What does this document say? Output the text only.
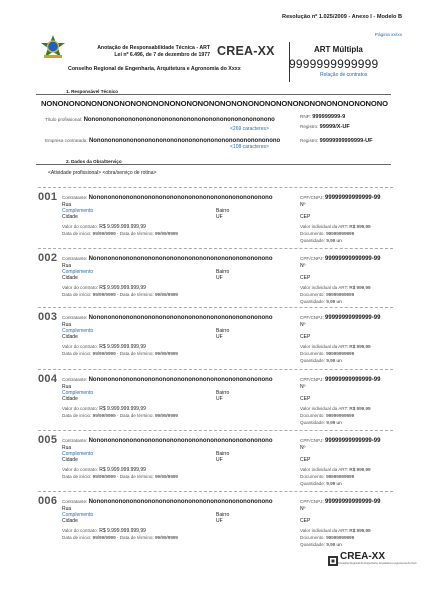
Resolução nº 1.025/2009 - Anexo I - Modelo B
Página xx/xx
Anotação de Responsabilidade Técnica - ART
Lei nº 6.496, de 7 de dezembro de 1977 CREA-XX
Conselho Regional de Engenharia, Arquitetura e Agronomia do Xxxx
ART Múltipla
9999999999999
Relação de contratos
1. Responsável Técnico
NONONONONONONONONONONONONONONONONONONONONONONONONONONONONONONO
RNP: 999999999-9
Título profissional: Nononononononononononononononononononononononononono
Registro: 99999/X-UF
<269 caracteres>
Empresa contratada: Nononononononononononononononononononononononononono	Registro: 99999999999999-UF
<108 caracteres>
2. Dados da Obra/Serviço
<Atividade profissional> <obra/serviço de rotina>
001 Contratante: Nonononononononononononononononononononononononono
Rua
Complemento
Cidade
Bairro
UF
Valor do contrato: R$ 9.999.999.999,99
Data de início: 99/99/9999 - Data de término: 99/99/9999
CPF/CNPJ: 99999999999999-99
Nº
CEP
Valor individual da ART: R$ 999,99
Documento: 99999999999
Quantidade: 9,99 un
002 Contratante: Nonononononononononononononononononononononononono
Rua
Complemento
Cidade
Bairro
UF
Valor do contrato: R$ 9.999.999.999,99
Data de início: 99/99/9999 - Data de término: 99/99/9999
CPF/CNPJ: 99999999999999-99
Nº
CEP
Valor individual da ART: R$ 999,99
Documento: 99999999999
Quantidade: 9,99 un
003 Contratante: Nonononononononononononononononononononononononono
Rua
Complemento
Cidade
Bairro
UF
Valor do contrato: R$ 9.999.999.999,99
Data de início: 99/99/9999 - Data de término: 99/99/9999
CPF/CNPJ: 99999999999999-99
Nº
CEP
Valor individual da ART: R$ 999,99
Documento: 99999999999
Quantidade: 9,99 un
004 Contratante: Nonononononononononononononononononononononononono
Rua
Complemento
Cidade
Bairro
UF
Valor do contrato: R$ 9.999.999.999,99
Data de início: 99/99/9999 - Data de término: 99/99/9999
CPF/CNPJ: 99999999999999-99
Nº
CEP
Valor individual da ART: R$ 999,99
Documento: 99999999999
Quantidade: 9,99 un
005 Contratante: Nonononononononononononononononononononononononono
Rua
Complemento
Cidade
Bairro
UF
Valor do contrato: R$ 9.999.999.999,99
Data de início: 99/99/9999 - Data de término: 99/99/9999
CPF/CNPJ: 99999999999999-99
Nº
CEP
Valor individual da ART: R$ 999,99
Documento: 99999999999
Quantidade: 9,99 un
006 Contratante: Nonononononononononononononononononononononononono
Rua
Complemento
Cidade
Bairro
UF
Valor do contrato: R$ 9.999.999.999,99
Data de início: 99/99/9999 - Data de término: 99/99/9999
CPF/CNPJ: 99999999999999-99
Nº
CEP
Valor individual da ART: R$ 999,99
Documento: 99999999999
Quantidade: 9,99 un
CREA-XX
Conselho Regional de Engenharia, Arquitetura e Agronomia do Xxxx
